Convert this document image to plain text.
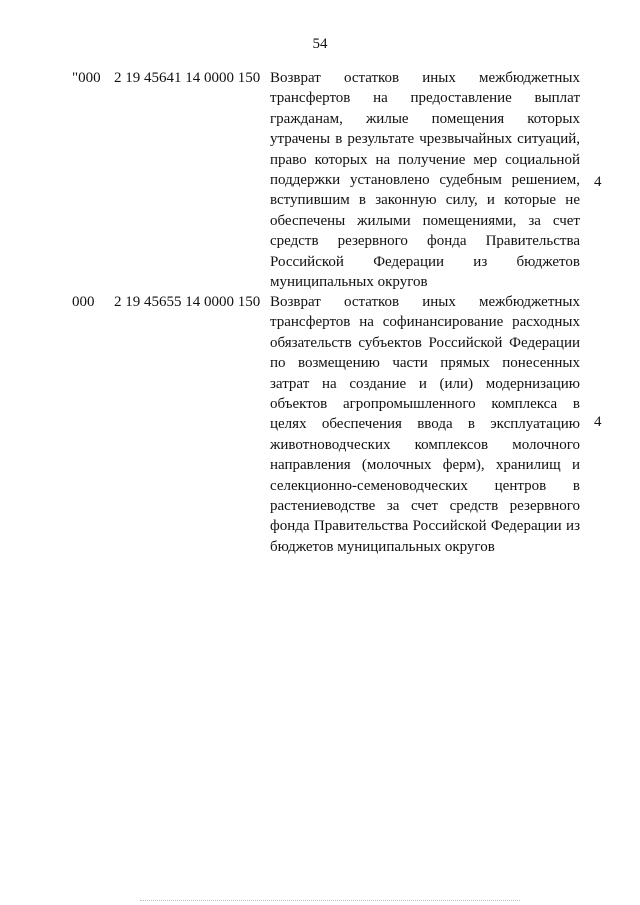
54
"000 2 19 45641 14 0000 150 Возврат остатков иных межбюджетных
трансфертов на предоставление выплат
гражданам, жилые помещения которых
утрачены в результате чрезвычайных ситуаций,
право которых на получение мер социальной
поддержки установлено судебным решением,
вступившим в законную силу, и которые не
обеспечены жилыми помещениями, за счет
средств резервного фонда Правительства
Российской Федерации из бюджетов
муниципальных округов
4
000 2 19 45655 14 0000 150 Возврат остатков иных межбюджетных
трансфертов на софинансирование расходных
обязательств субъектов Российской Федерации
по возмещению части прямых понесенных
затрат на создание и (или) модернизацию
объектов агропромышленного комплекса в
целях обеспечения ввода в эксплуатацию
животноводческих комплексов молочного
направления (молочных ферм), хранилищ и
селекционно-семеноводческих центров в
растениеводстве за счет средств резервного
фонда Правительства Российской Федерации из
бюджетов муниципальных округов
4
